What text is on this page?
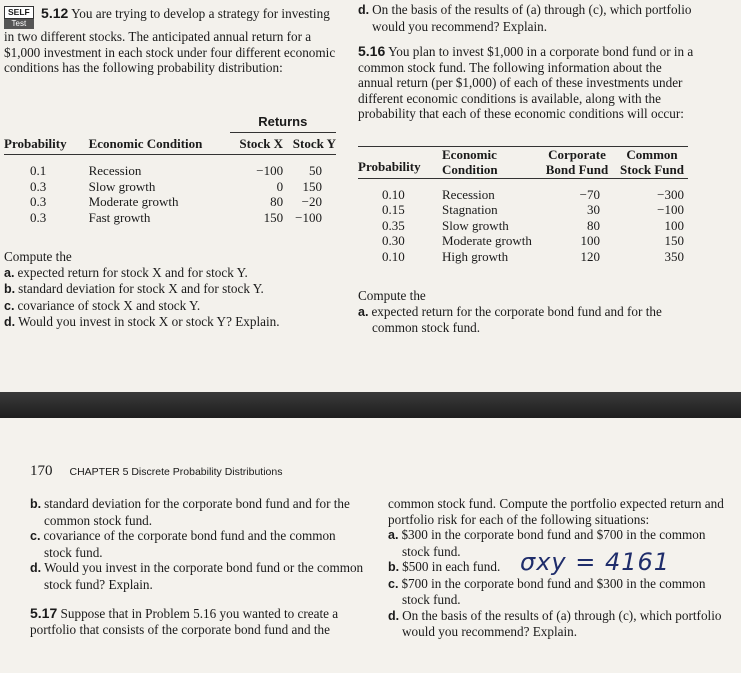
SELF
Test
5.12 You are trying to develop a strategy for investing in two different stocks. The anticipated annual return for a $1,000 investment in each stock under four different economic conditions has the following probability distribution:

		Returns	
Probability	Economic Condition	Stock X	Stock Y
0.1	Recession	−100	50
0.3	Slow growth	0	150
0.3	Moderate growth	80	−20
0.3	Fast growth	150	−100

Compute the

a. expected return for stock X and for stock Y.
b. standard deviation for stock X and for stock Y.
c. covariance of stock X and stock Y.
d. Would you invest in stock X or stock Y? Explain.
d. On the basis of the results of (a) through (c), which portfolio would you recommend? Explain.

5.16 You plan to invest $1,000 in a corporate bond fund or in a common stock fund. The following information about the annual return (per $1,000) of each of these investments under different economic conditions is available, along with the probability that each of these economic conditions will occur:

Probability	Economic Condition	Corporate Bond Fund	Common Stock Fund
0.10	Recession	−70	−300
0.15	Stagnation	30	−100
0.35	Slow growth	80	100
0.30	Moderate growth	100	150
0.10	High growth	120	350

Compute the

a. expected return for the corporate bond fund and for the common stock fund.
170 CHAPTER 5 Discrete Probability Distributions
b. standard deviation for the corporate bond fund and for the common stock fund.
c. covariance of the corporate bond fund and the common stock fund.
d. Would you invest in the corporate bond fund or the common stock fund? Explain.

5.17 Suppose that in Problem 5.16 you wanted to create a portfolio that consists of the corporate bond fund and the

common stock fund. Compute the portfolio expected return and portfolio risk for each of the following situations:

a. $300 in the corporate bond fund and $700 in the common stock fund.
b. $500 in each fund.
c. $700 in the corporate bond fund and $300 in the common stock fund.
d. On the basis of the results of (a) through (c), which portfolio would you recommend? Explain.
σxy = 4161
